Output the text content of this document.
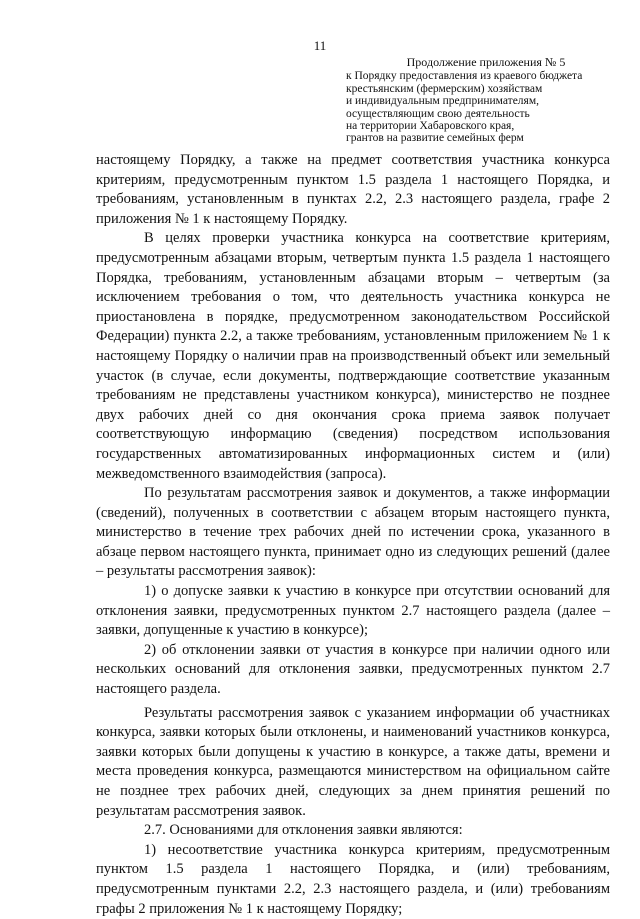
11
Продолжение приложения № 5
к Порядку предоставления из краевого бюджета
крестьянским (фермерским) хозяйствам
и индивидуальным предпринимателям,
осуществляющим свою деятельность
на территории Хабаровского края,
грантов на развитие семейных ферм

настоящему Порядку, а также на предмет соответствия участника конкурса критериям, предусмотренным пунктом 1.5 раздела 1 настоящего Порядка, и требованиям, установленным в пунктах 2.2, 2.3 настоящего раздела, графе 2 приложения № 1 к настоящему Порядку.

В целях проверки участника конкурса на соответствие критериям, предусмотренным абзацами вторым, четвертым пункта 1.5 раздела 1 настоящего Порядка, требованиям, установленным абзацами вторым – четвертым (за исключением требования о том, что деятельность участника конкурса не приостановлена в порядке, предусмотренном законодательством Российской Федерации) пункта 2.2, а также требованиям, установленным приложением № 1 к настоящему Порядку о наличии прав на производственный объект или земельный участок (в случае, если документы, подтверждающие соответствие указанным требованиям не представлены участником конкурса), министерство не позднее двух рабочих дней со дня окончания срока приема заявок получает соответствующую информацию (сведения) посредством использования государственных автоматизированных информационных систем и (или) межведомственного взаимодействия (запроса).

По результатам рассмотрения заявок и документов, а также информации (сведений), полученных в соответствии с абзацем вторым настоящего пункта, министерство в течение трех рабочих дней по истечении срока, указанного в абзаце первом настоящего пункта, принимает одно из следующих решений (далее – результаты рассмотрения заявок):

1) о допуске заявки к участию в конкурсе при отсутствии оснований для отклонения заявки, предусмотренных пунктом 2.7 настоящего раздела (далее – заявки, допущенные к участию в конкурсе);

2) об отклонении заявки от участия в конкурсе при наличии одного или нескольких оснований для отклонения заявки, предусмотренных пунктом 2.7 настоящего раздела.

Результаты рассмотрения заявок с указанием информации об участниках конкурса, заявки которых были отклонены, и наименований участников конкурса, заявки которых были допущены к участию в конкурсе, а также даты, времени и места проведения конкурса, размещаются министерством на официальном сайте не позднее трех рабочих дней, следующих за днем принятия решений по результатам рассмотрения заявок.

2.7. Основаниями для отклонения заявки являются:

1) несоответствие участника конкурса критериям, предусмотренным пунктом 1.5 раздела 1 настоящего Порядка, и (или) требованиям, предусмотренным пунктами 2.2, 2.3 настоящего раздела, и (или) требованиям графы 2 приложения № 1 к настоящему Порядку;
